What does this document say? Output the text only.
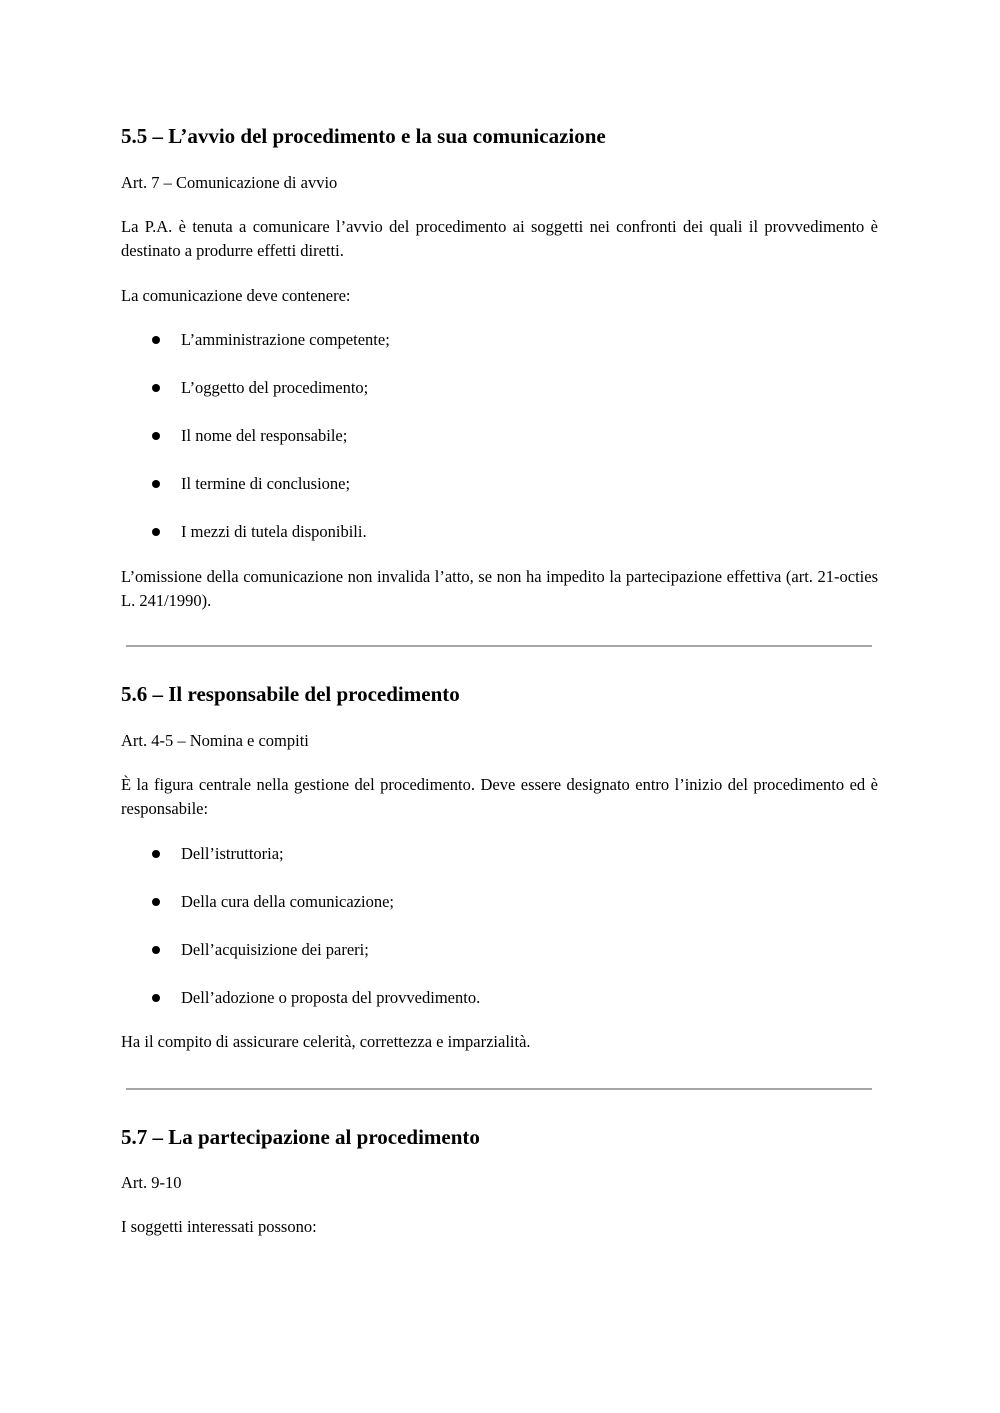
5.5 – L’avvio del procedimento e la sua comunicazione

Art. 7 – Comunicazione di avvio

La P.A. è tenuta a comunicare l’avvio del procedimento ai soggetti nei confronti dei quali il provvedimento è destinato a produrre effetti diretti.

La comunicazione deve contenere:

L’amministrazione competente;
L’oggetto del procedimento;
Il nome del responsabile;
Il termine di conclusione;
I mezzi di tutela disponibili.

L’omissione della comunicazione non invalida l’atto, se non ha impedito la partecipazione effettiva (art. 21-octies L. 241/1990).

5.6 – Il responsabile del procedimento

Art. 4-5 – Nomina e compiti

È la figura centrale nella gestione del procedimento. Deve essere designato entro l’inizio del procedimento ed è responsabile:

Dell’istruttoria;
Della cura della comunicazione;
Dell’acquisizione dei pareri;
Dell’adozione o proposta del provvedimento.

Ha il compito di assicurare celerità, correttezza e imparzialità.

5.7 – La partecipazione al procedimento

Art. 9-10

I soggetti interessati possono:
